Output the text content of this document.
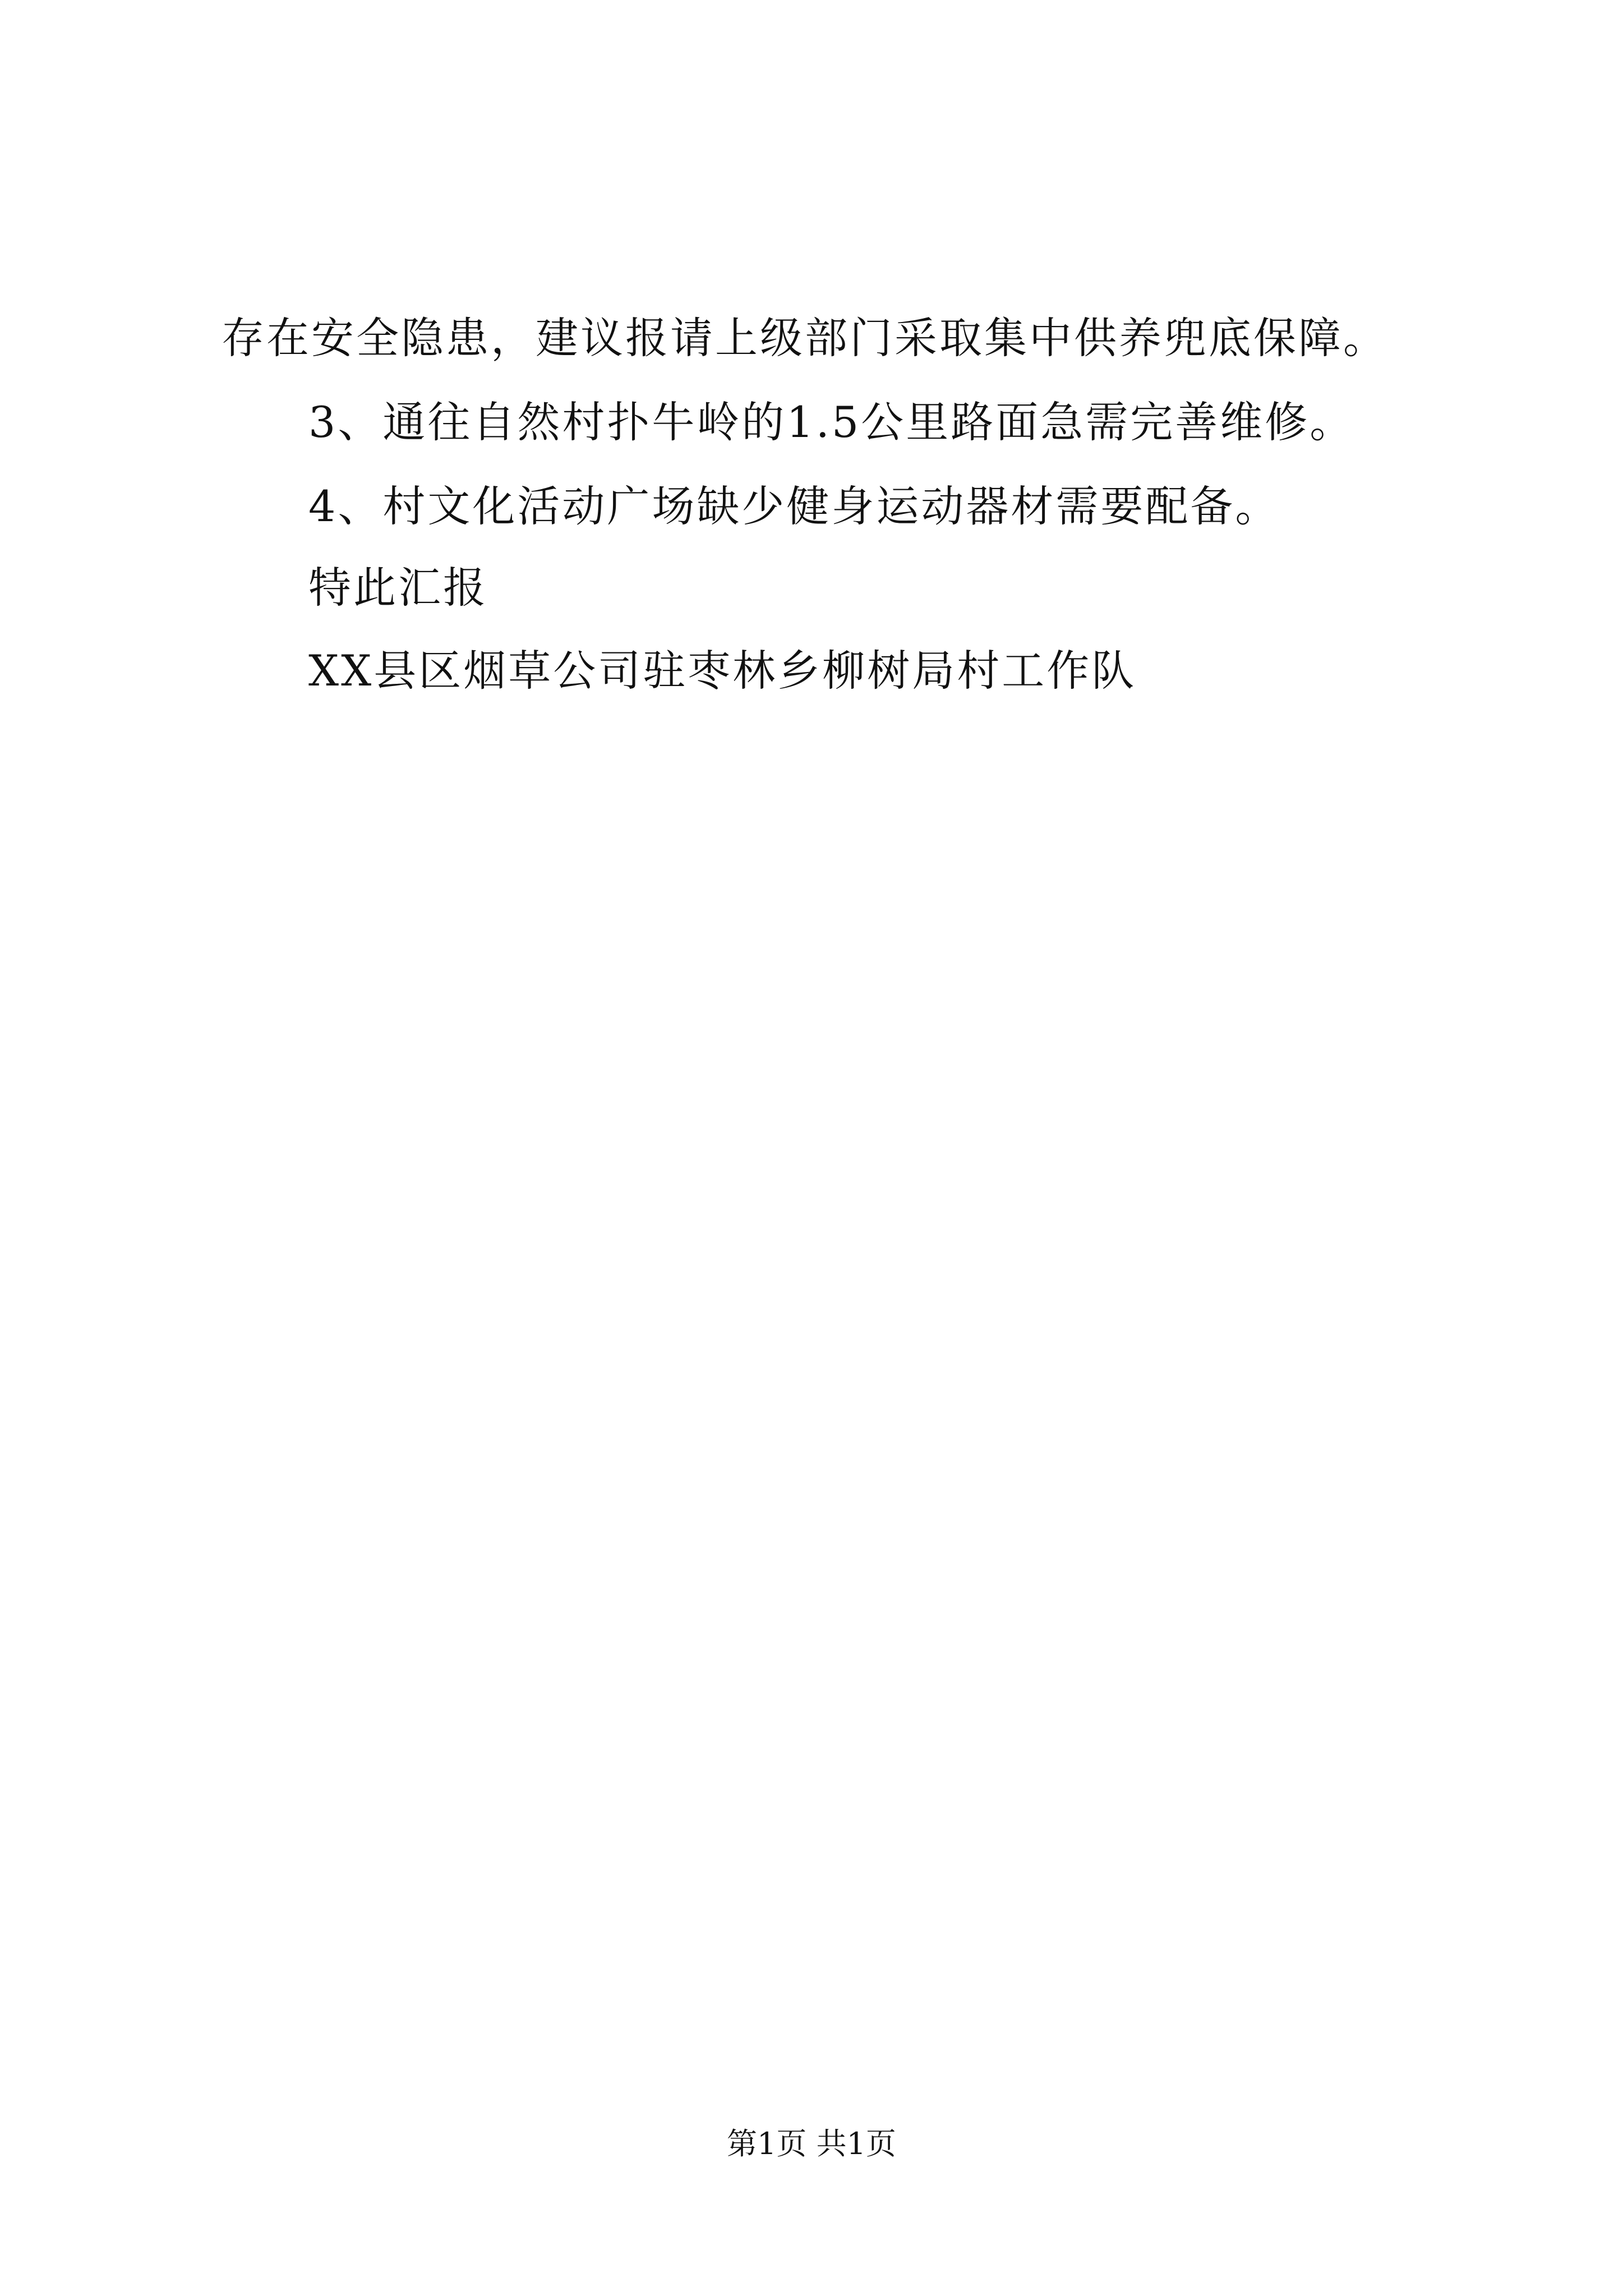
存在安全隐患，建议报请上级部门采取集中供养兜底保障。
3、通往自然村扑牛岭的1.5公里路面急需完善维修。
4、村文化活动广场缺少健身运动器材需要配备。
特此汇报
XX县区烟草公司驻枣林乡柳树局村工作队
第1页 共1页
